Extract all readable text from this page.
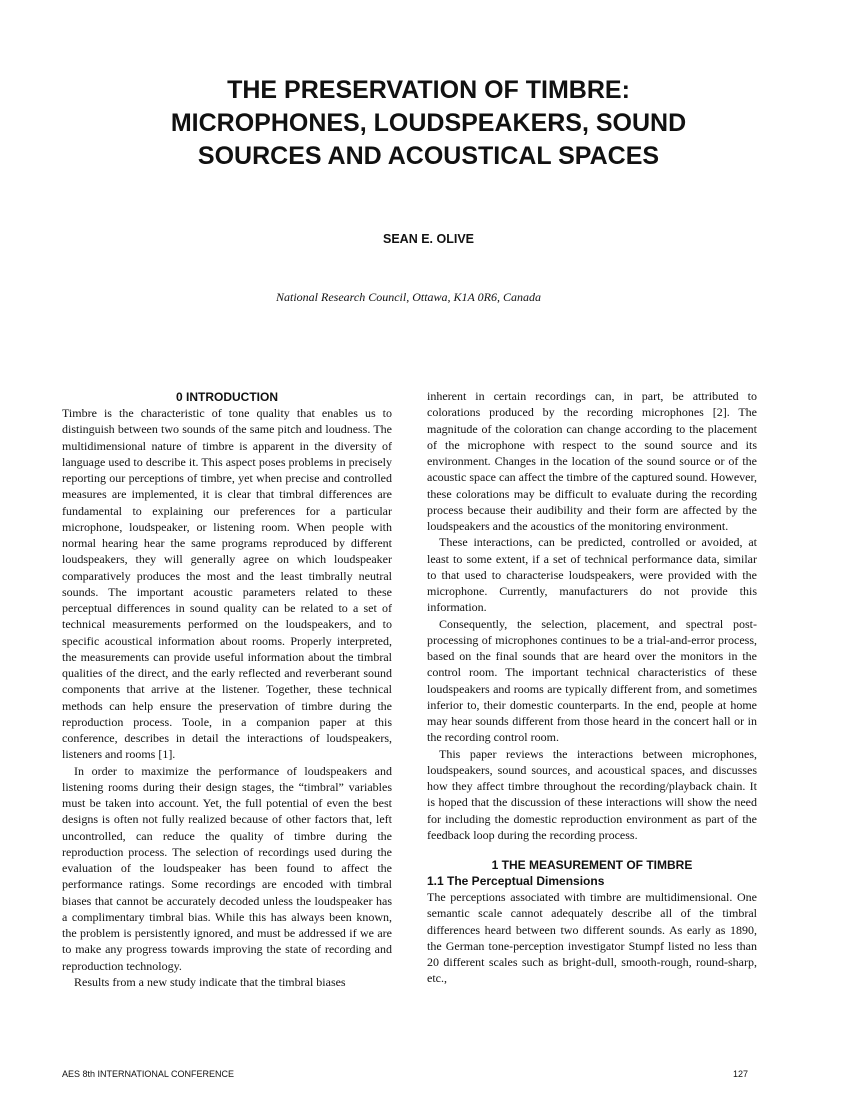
THE PRESERVATION OF TIMBRE:
MICROPHONES, LOUDSPEAKERS, SOUND
SOURCES AND ACOUSTICAL SPACES
SEAN E. OLIVE
National Research Council, Ottawa, K1A 0R6, Canada
0 INTRODUCTION

Timbre is the characteristic of tone quality that enables us to distinguish between two sounds of the same pitch and loudness. The multidimensional nature of timbre is apparent in the diversity of language used to describe it. This aspect poses problems in precisely reporting our perceptions of timbre, yet when precise and controlled measures are implemented, it is clear that timbral differences are fundamental to explaining our preferences for a particular microphone, loudspeaker, or listening room. When people with normal hearing hear the same programs reproduced by different loudspeakers, they will generally agree on which loudspeaker comparatively produces the most and the least timbrally neutral sounds. The important acoustic parameters related to these perceptual differences in sound quality can be related to a set of technical measurements performed on the loudspeakers, and to specific acoustical information about rooms. Properly interpreted, the measurements can provide useful information about the timbral qualities of the direct, and the early reflected and reverberant sound components that arrive at the listener. Together, these technical methods can help ensure the preservation of timbre during the reproduction process. Toole, in a companion paper at this conference, describes in detail the interactions of loudspeakers, listeners and rooms [1].

In order to maximize the performance of loudspeakers and listening rooms during their design stages, the “timbral” variables must be taken into account. Yet, the full potential of even the best designs is often not fully realized because of other factors that, left uncontrolled, can reduce the quality of timbre during the reproduction process. The selection of recordings used during the evaluation of the loudspeaker has been found to affect the performance ratings. Some recordings are encoded with timbral biases that cannot be accurately decoded unless the loudspeaker has a complimentary timbral bias. While this has always been known, the problem is persistently ignored, and must be addressed if we are to make any progress towards improving the state of recording and reproduction technology.

Results from a new study indicate that the timbral biases

inherent in certain recordings can, in part, be attributed to colorations produced by the recording microphones [2]. The magnitude of the coloration can change according to the placement of the microphone with respect to the sound source and its environment. Changes in the location of the sound source or of the acoustic space can affect the timbre of the captured sound. However, these colorations may be difficult to evaluate during the recording process because their audibility and their form are affected by the loudspeakers and the acoustics of the monitoring environment.

These interactions, can be predicted, controlled or avoided, at least to some extent, if a set of technical performance data, similar to that used to characterise loudspeakers, were provided with the microphone. Currently, manufacturers do not provide this information.

Consequently, the selection, placement, and spectral post-processing of microphones continues to be a trial-and-error process, based on the final sounds that are heard over the monitors in the control room. The important technical characteristics of these loudspeakers and rooms are typically different from, and sometimes inferior to, their domestic counterparts. In the end, people at home may hear sounds different from those heard in the concert hall or in the recording control room.

This paper reviews the interactions between microphones, loudspeakers, sound sources, and acoustical spaces, and discusses how they affect timbre throughout the recording/playback chain. It is hoped that the discussion of these interactions will show the need for including the domestic reproduction environment as part of the feedback loop during the recording process.

1 THE MEASUREMENT OF TIMBRE
1.1 The Perceptual Dimensions

The perceptions associated with timbre are multidimensional. One semantic scale cannot adequately describe all of the timbral differences heard between two different sounds. As early as 1890, the German tone-perception investigator Stumpf listed no less than 20 different scales such as bright-dull, smooth-rough, round-sharp, etc.,

AES 8th INTERNATIONAL CONFERENCE	127
